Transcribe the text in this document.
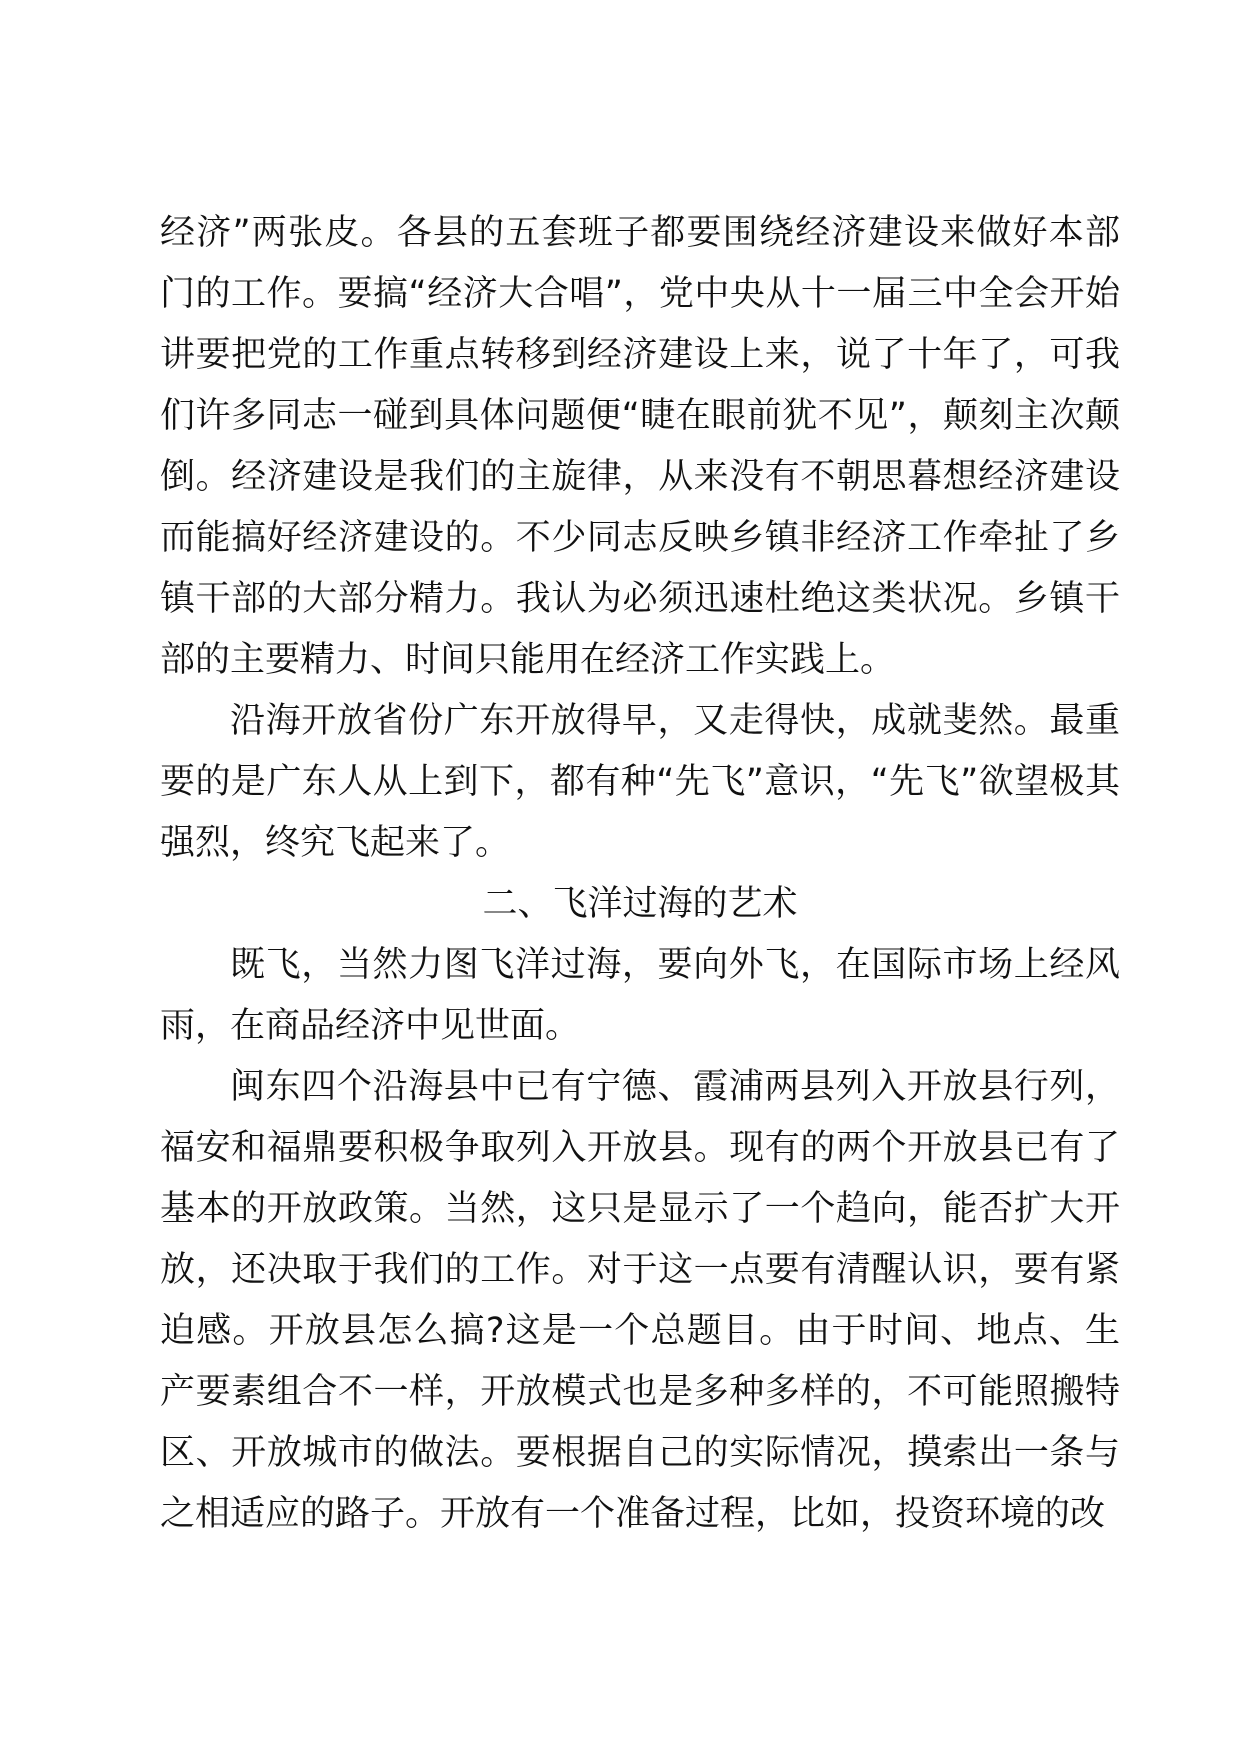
经济”两张皮。各县的五套班子都要围绕经济建设来做好本部门的工作。要搞“经济大合唱”，党中央从十一届三中全会开始讲要把党的工作重点转移到经济建设上来，说了十年了，可我们许多同志一碰到具体问题便“睫在眼前犹不见”，颠刻主次颠倒。经济建设是我们的主旋律，从来没有不朝思暮想经济建设而能搞好经济建设的。不少同志反映乡镇非经济工作牵扯了乡镇干部的大部分精力。我认为必须迅速杜绝这类状况。乡镇干部的主要精力、时间只能用在经济工作实践上。

沿海开放省份广东开放得早，又走得快，成就斐然。最重要的是广东人从上到下，都有种“先飞”意识，“先飞”欲望极其强烈，终究飞起来了。

二、飞洋过海的艺术

既飞，当然力图飞洋过海，要向外飞，在国际市场上经风雨，在商品经济中见世面。

闽东四个沿海县中已有宁德、霞浦两县列入开放县行列，福安和福鼎要积极争取列入开放县。现有的两个开放县已有了基本的开放政策。当然，这只是显示了一个趋向，能否扩大开放，还决取于我们的工作。对于这一点要有清醒认识，要有紧迫感。开放县怎么搞?这是一个总题目。由于时间、地点、生产要素组合不一样，开放模式也是多种多样的，不可能照搬特区、开放城市的做法。要根据自己的实际情况，摸索出一条与之相适应的路子。开放有一个准备过程，比如，投资环境的改
